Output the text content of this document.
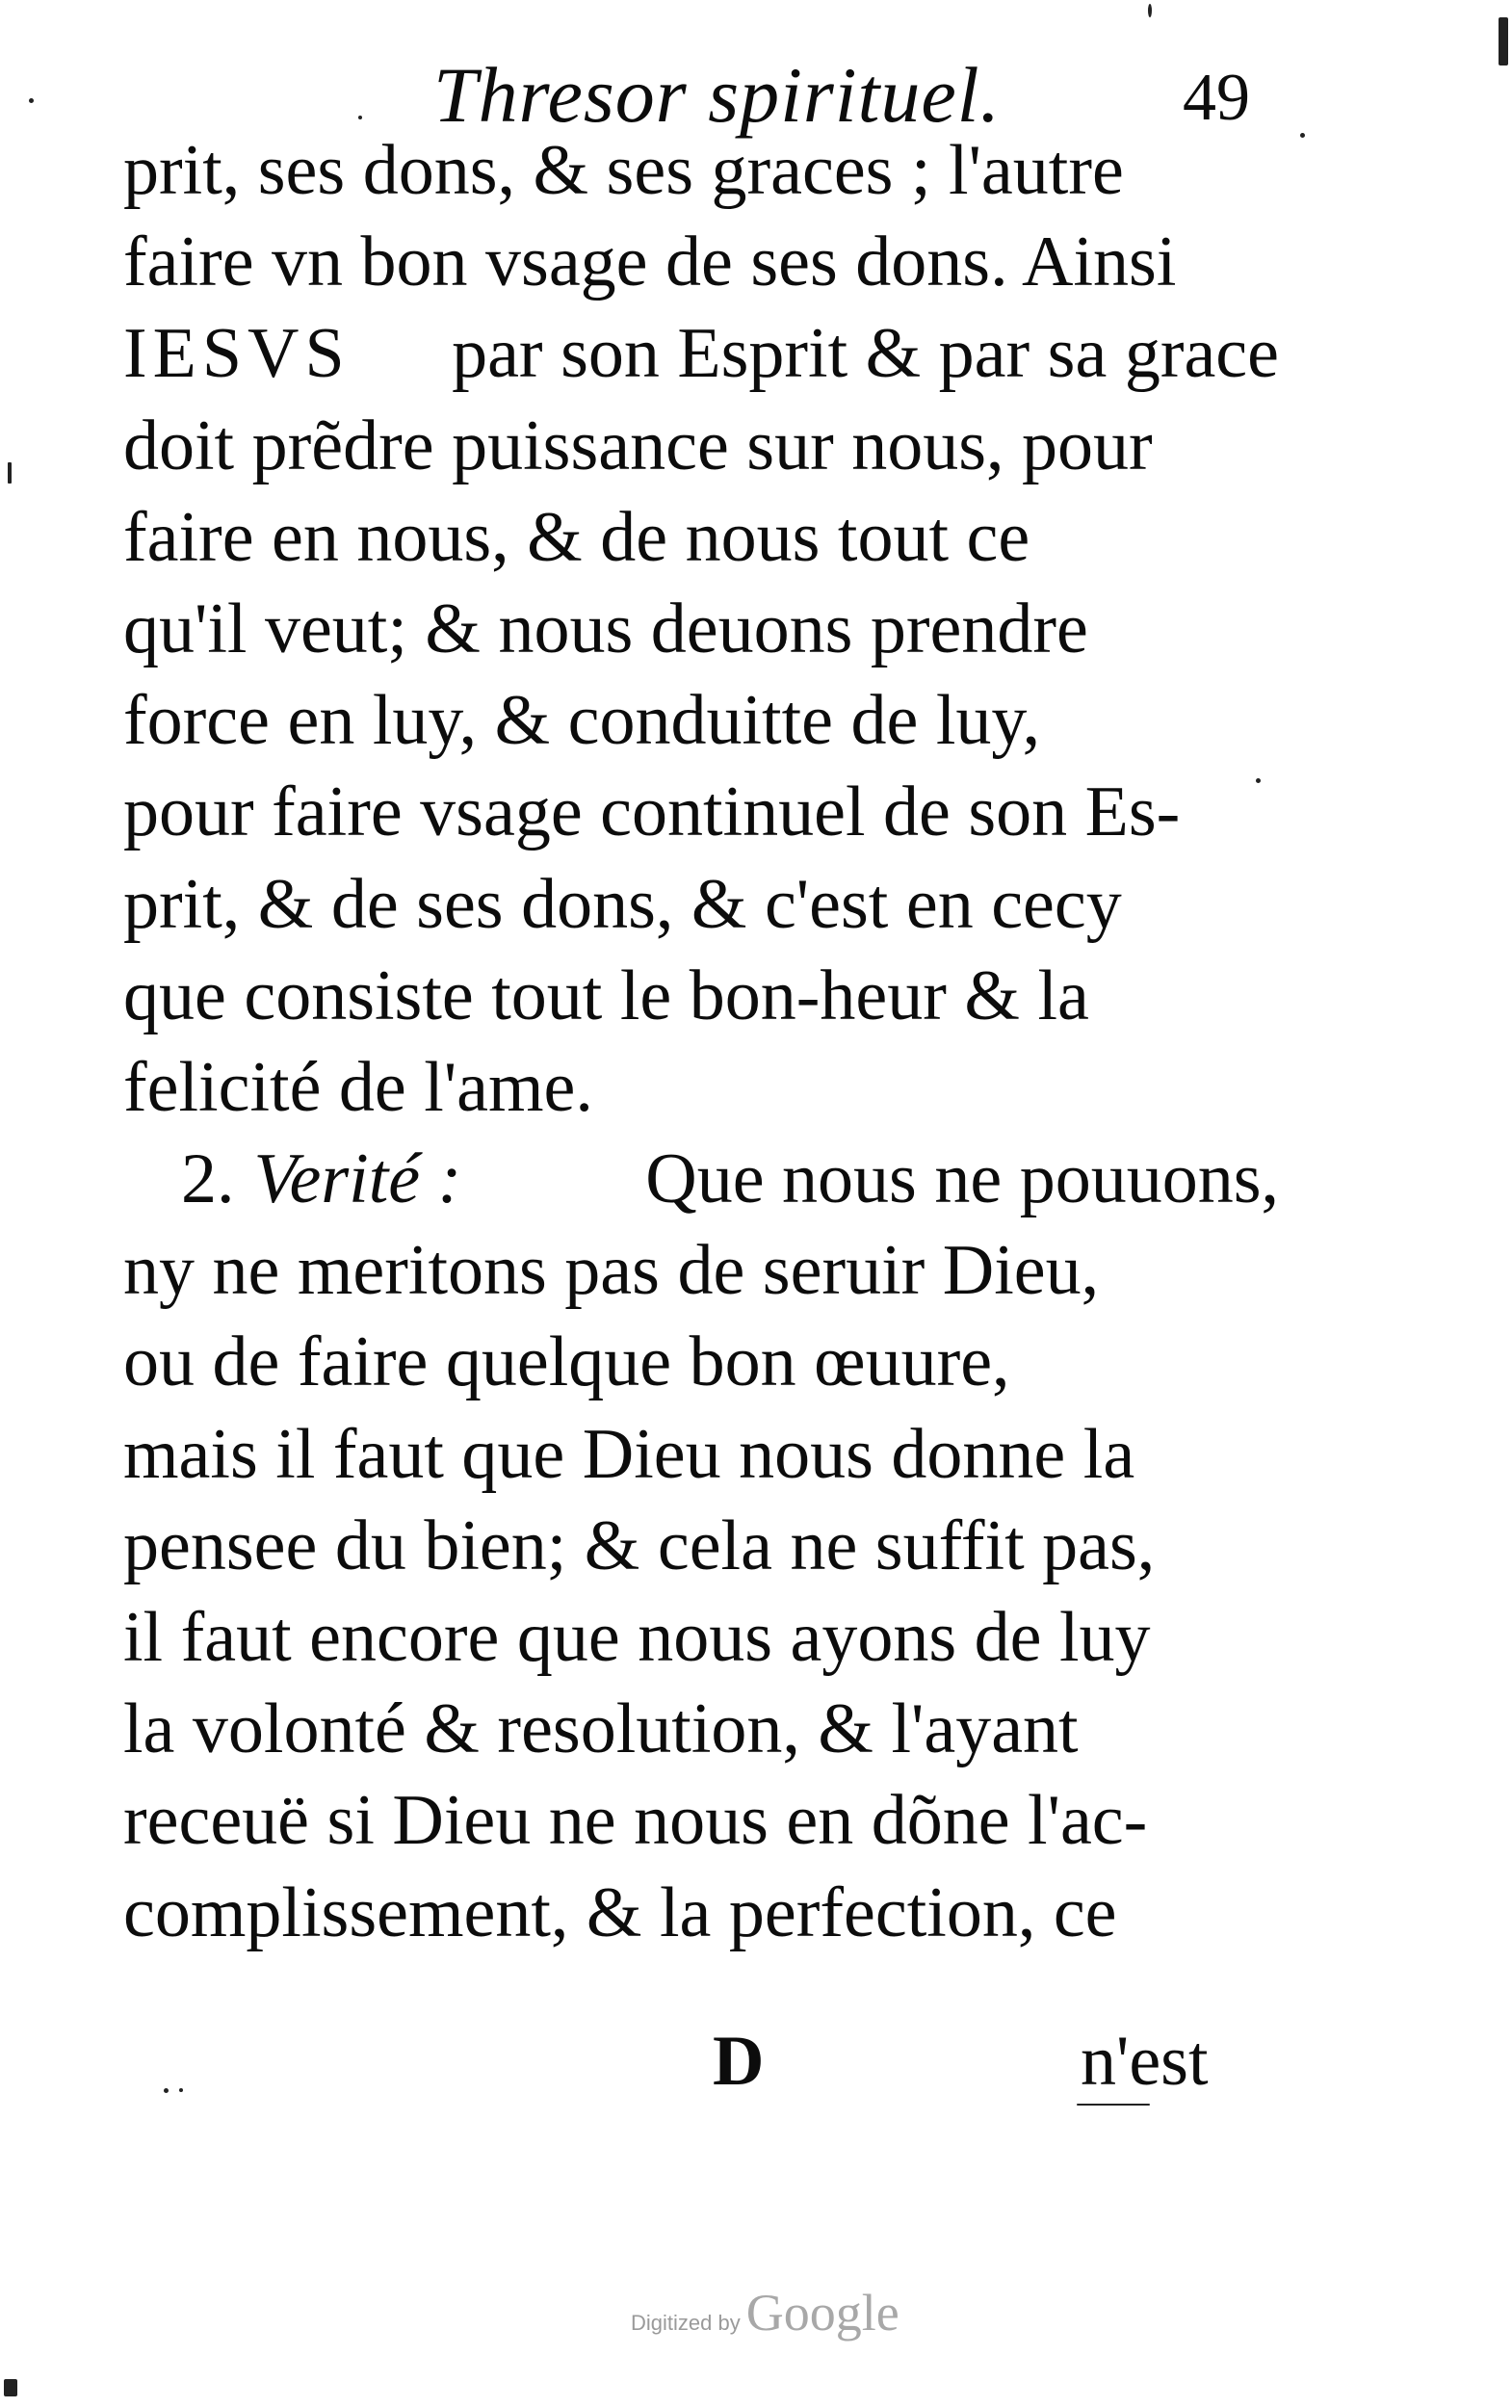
Thresor spirituel.	49
prit, ses dons, & ses graces ; l'autre
faire vn bon vsage de ses dons. Ainsi
IESVS par son Esprit & par sa grace
doit prẽdre puissance sur nous, pour
faire en nous, & de nous tout ce
qu'il veut; & nous deuons prendre
force en luy, & conduitte de luy,
pour faire vsage continuel de son Es-
prit, & de ses dons, & c'est en cecy
que consiste tout le bon-heur & la
felicité de l'ame.
2. Verité :	Que nous ne pouuons,
ny ne meritons pas de seruir Dieu,
ou de faire quelque bon œuure,
mais il faut que Dieu nous donne la
pensee du bien; & cela ne suffit pas,
il faut encore que nous ayons de luy
la volonté & resolution, & l'ayant
receuë si Dieu ne nous en dõne l'ac-
complissement, & la perfection, ce
D	n'est
Digitized by Google
